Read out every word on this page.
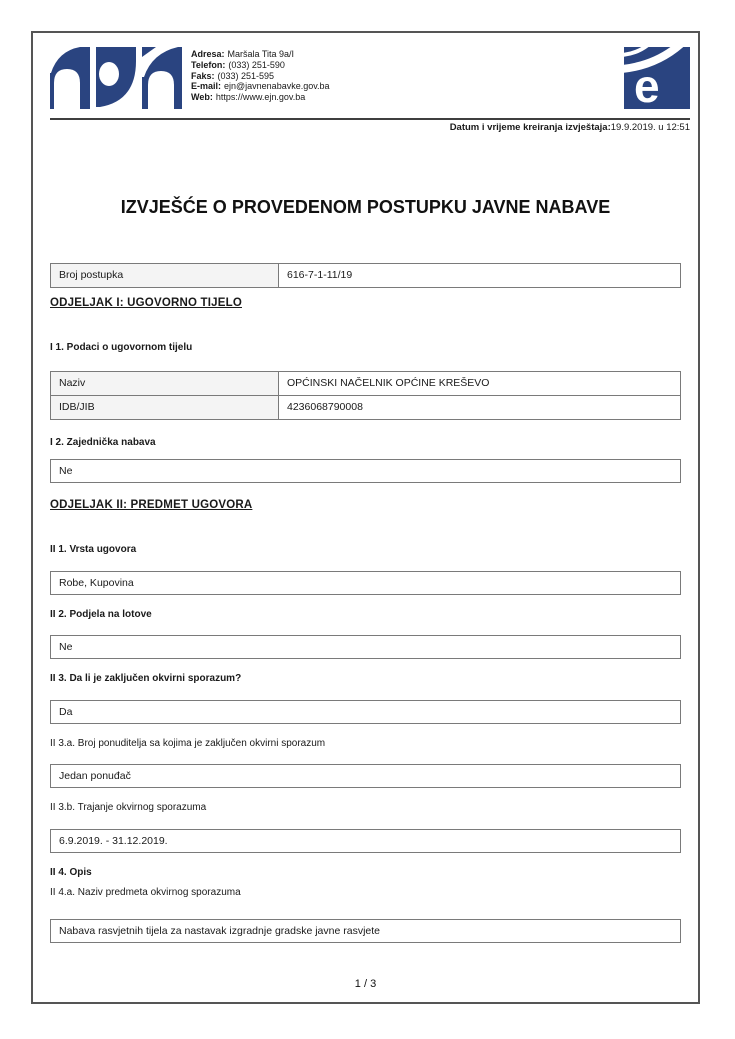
Adresa: Maršala Tita 9a/I
Telefon: (033) 251-590
Faks: (033) 251-595
E-mail: ejn@javnenabavke.gov.ba
Web: https://www.ejn.gov.ba	e
Datum i vrijeme kreiranja izvještaja:19.9.2019. u 12:51
IZVJEŠĆE O PROVEDENOM POSTUPKU JAVNE NABAVE
Broj postupka	616-7-1-11/19
ODJELJAK I: UGOVORNO TIJELO
I 1. Podaci o ugovornom tijelu
Naziv	OPĆINSKI NAČELNIK OPĆINE KREŠEVO
IDB/JIB	4236068790008
I 2. Zajednička nabava
Ne
ODJELJAK II: PREDMET UGOVORA
II 1. Vrsta ugovora
Robe, Kupovina
II 2. Podjela na lotove
Ne
II 3. Da li je zaključen okvirni sporazum?
Da
II 3.a. Broj ponuditelja sa kojima je zaključen okvirni sporazum
Jedan ponuđač
II 3.b. Trajanje okvirnog sporazuma
6.9.2019. - 31.12.2019.
II 4. Opis
II 4.a. Naziv predmeta okvirnog sporazuma
Nabava rasvjetnih tijela za nastavak izgradnje gradske javne rasvjete
1 / 3
